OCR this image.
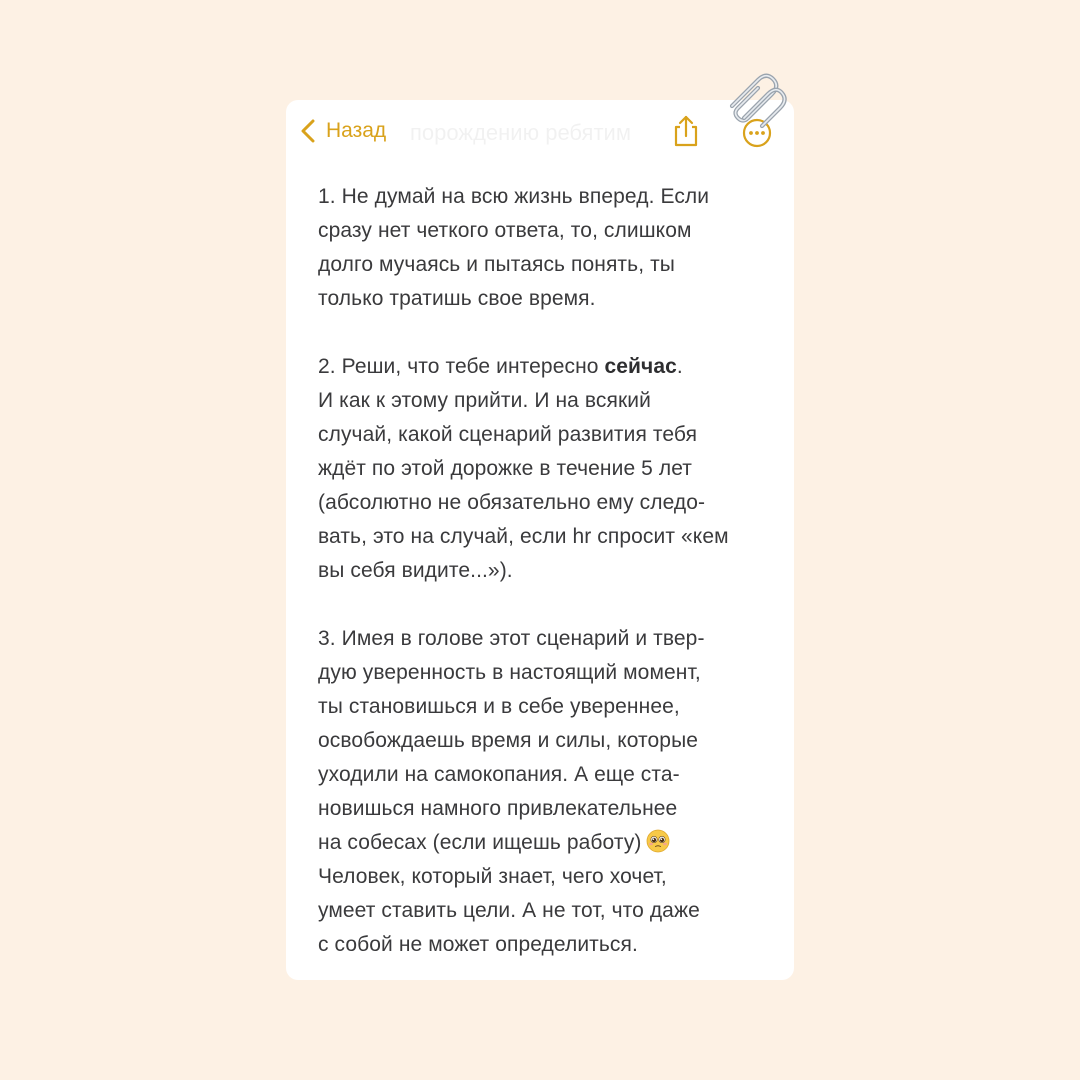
порождению ребятим
Назад
1. Не думай на всю жизнь вперед. Если
сразу нет четкого ответа, то, слишком
долго мучаясь и пытаясь понять, ты
только тратишь свое время.
2. Реши, что тебе интересно сейчас.
И как к этому прийти. И на всякий
случай, какой сценарий развития тебя
ждёт по этой дорожке в течение 5 лет
(абсолютно не обязательно ему следо-
вать, это на случай, если hr спросит «кем
вы себя видите...»).
3. Имея в голове этот сценарий и твер-
дую уверенность в настоящий момент,
ты становишься и в себе увереннее,
освобождаешь время и силы, которые
уходили на самокопания. А еще ста-
новишься намного привлекательнее
на собесах (если ищешь работу)
Человек, который знает, чего хочет,
умеет ставить цели. А не тот, что даже
с собой не может определиться.
